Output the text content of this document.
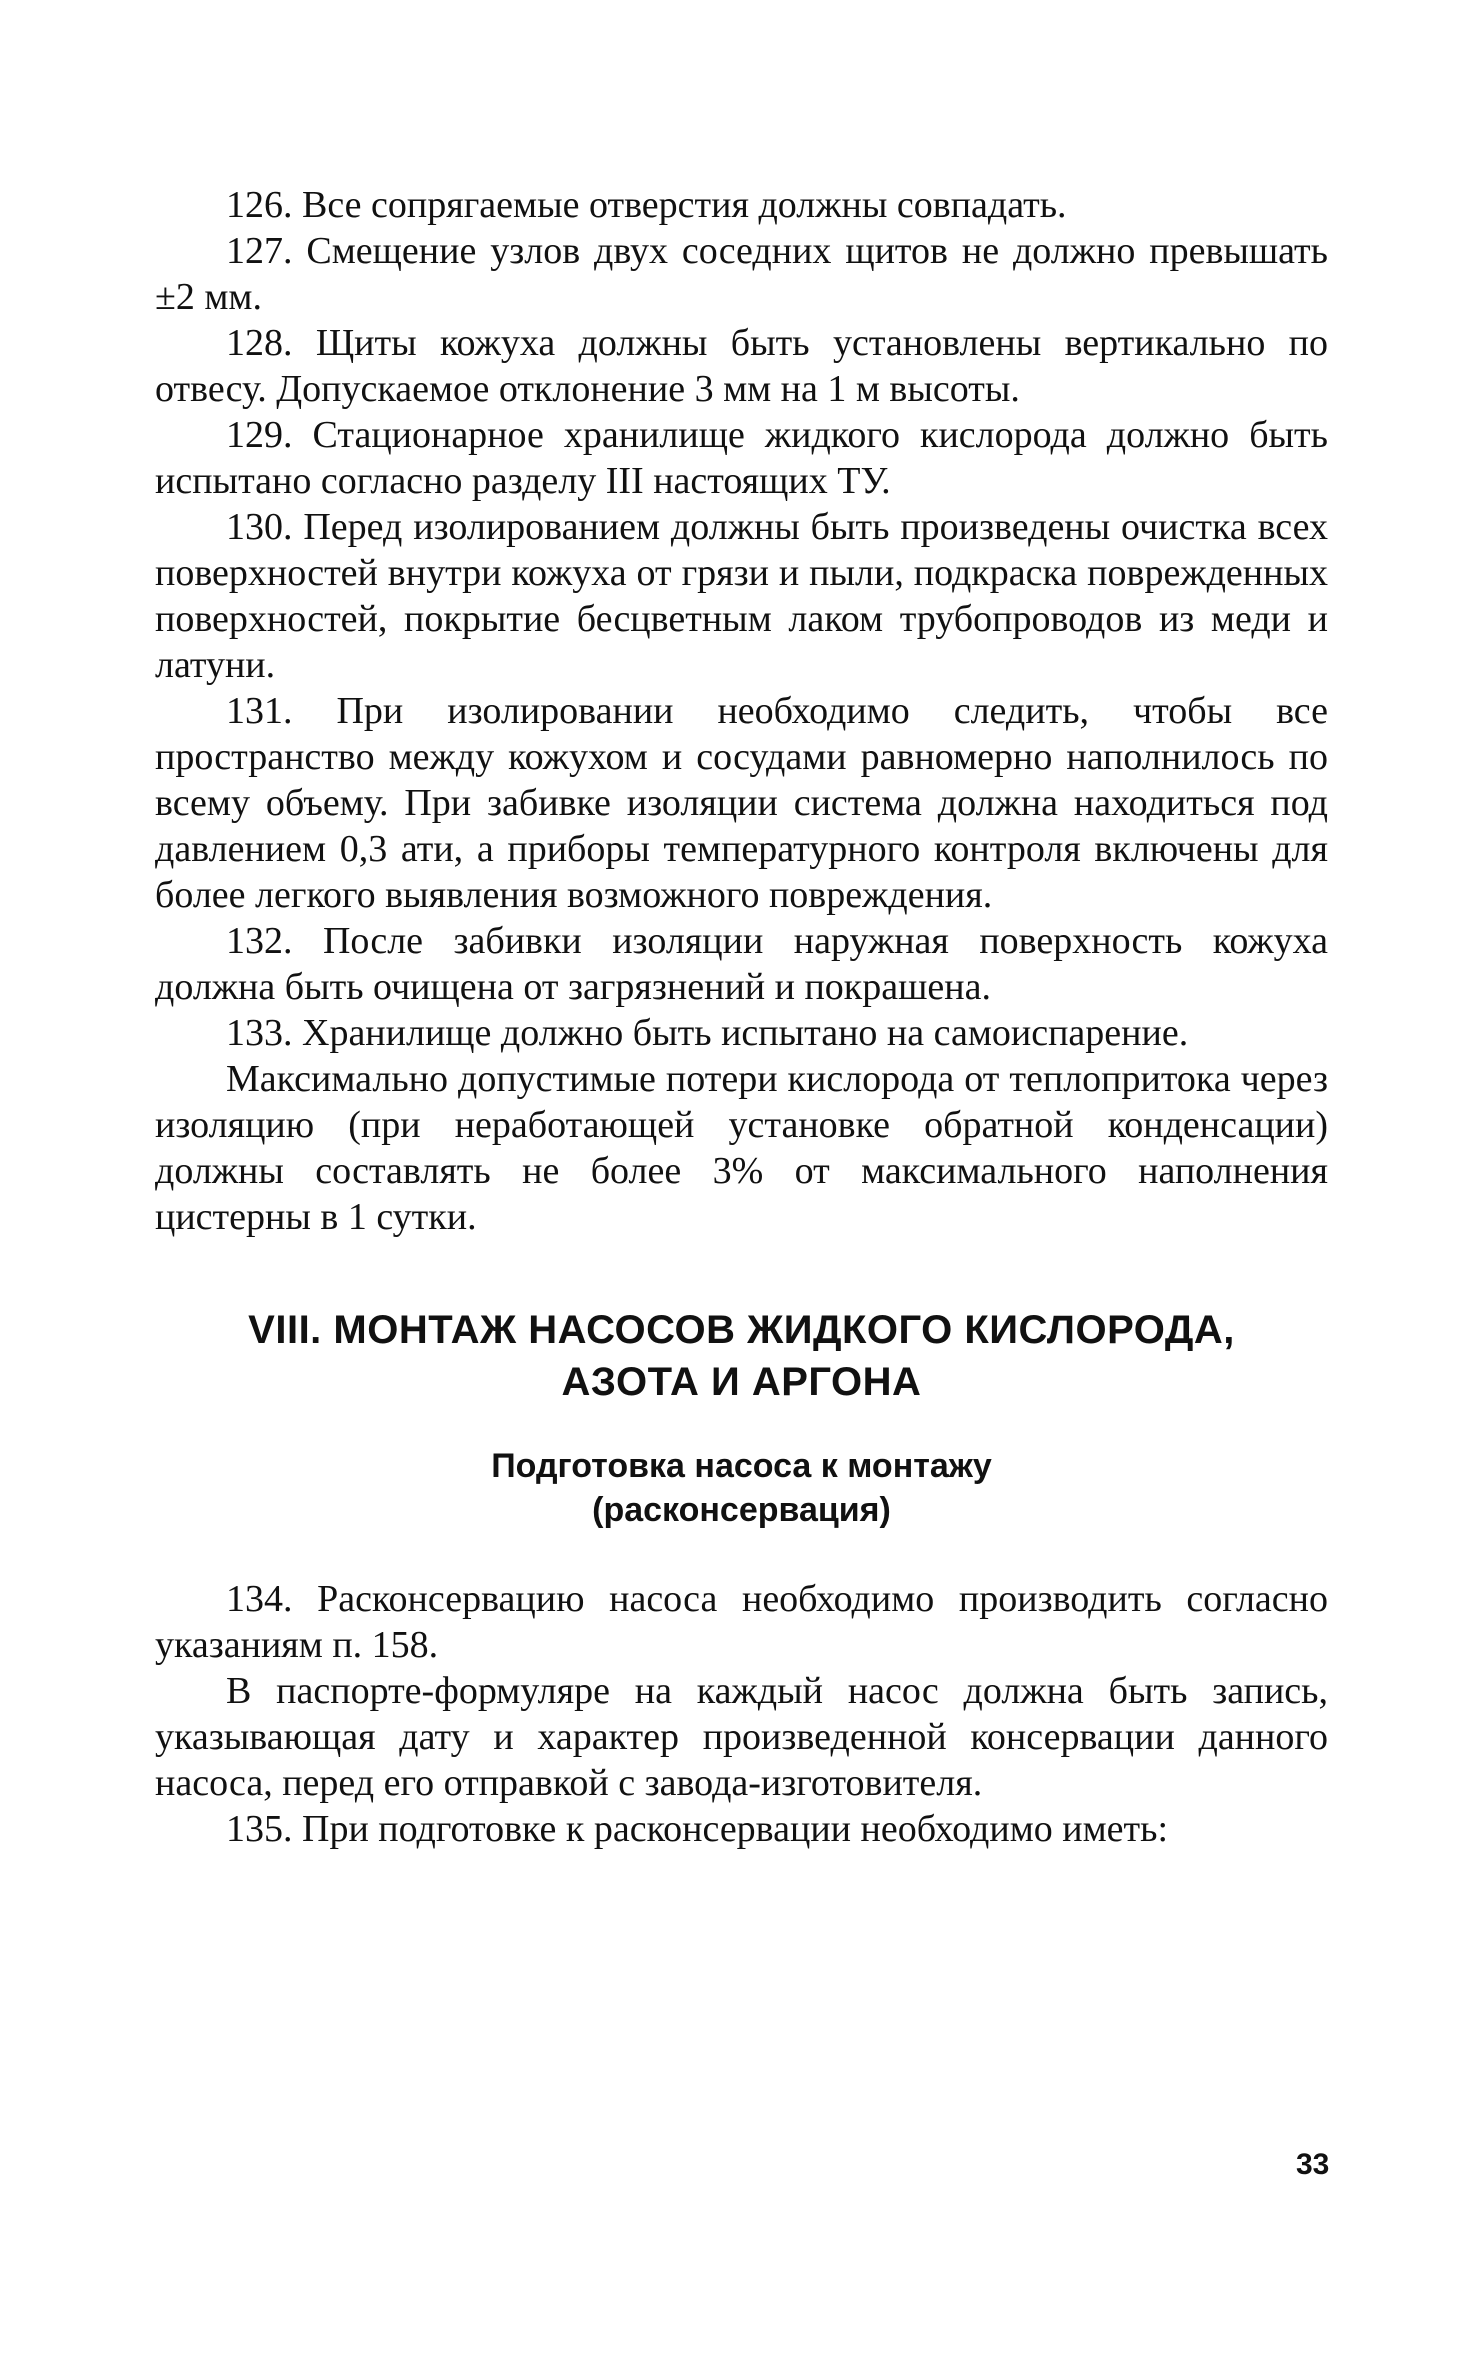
126. Все сопрягаемые отверстия должны совпадать.

127. Смещение узлов двух соседних щитов не должно превышать ±2 мм.

128. Щиты кожуха должны быть установлены вертикально по отвесу. Допускаемое отклонение 3 мм на 1 м высоты.

129. Стационарное хранилище жидкого кислорода должно быть испытано согласно разделу III настоящих ТУ.

130. Перед изолированием должны быть произведены очистка всех поверхностей внутри кожуха от грязи и пыли, подкраска поврежденных поверхностей, покрытие бесцветным лаком трубопроводов из меди и латуни.

131. При изолировании необходимо следить, чтобы все пространство между кожухом и сосудами равномерно наполнилось по всему объему. При забивке изоляции система должна находиться под давлением 0,3 ати, а приборы температурного контроля включены для более легкого выявления возможного повреждения.

132. После забивки изоляции наружная поверхность кожуха должна быть очищена от загрязнений и покрашена.

133. Хранилище должно быть испытано на самоиспарение.

Максимально допустимые потери кислорода от теплопритока через изоляцию (при неработающей установке обратной конденсации) должны составлять не более 3% от максимального наполнения цистерны в 1 сутки.

VIII. МОНТАЖ НАСОСОВ ЖИДКОГО КИСЛОРОДА,
АЗОТА И АРГОНА
Подготовка насоса к монтажу
(расконсервация)

134. Расконсервацию насоса необходимо производить согласно указаниям п. 158.

В паспорте-формуляре на каждый насос должна быть запись, указывающая дату и характер произведенной консервации данного насоса, перед его отправкой с завода-изготовителя.

135. При подготовке к расконсервации необходимо иметь:

33
